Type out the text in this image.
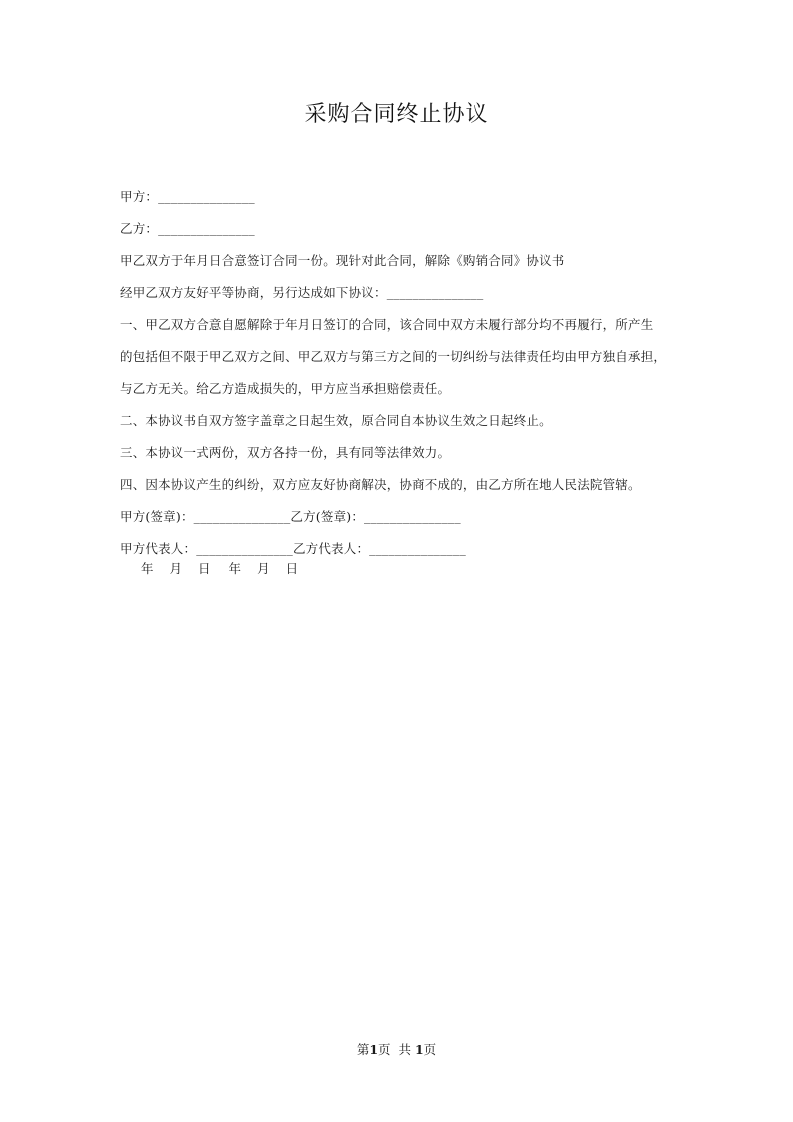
采购合同终止协议
甲方：_______________
乙方：_______________
甲乙双方于年月日合意签订合同一份。现针对此合同，解除《购销合同》协议书
经甲乙双方友好平等协商，另行达成如下协议：_______________
一、甲乙双方合意自愿解除于年月日签订的合同，该合同中双方未履行部分均不再履行，所产生
的包括但不限于甲乙双方之间、甲乙双方与第三方之间的一切纠纷与法律责任均由甲方独自承担，
与乙方无关。给乙方造成损失的，甲方应当承担赔偿责任。
二、本协议书自双方签字盖章之日起生效，原合同自本协议生效之日起终止。
三、本协议一式两份，双方各持一份，具有同等法律效力。
四、因本协议产生的纠纷，双方应友好协商解决，协商不成的，由乙方所在地人民法院管辖。
甲方(签章)：_______________乙方(签章)：_______________
甲方代表人：_______________乙方代表人：_______________
年 月 日 年 月 日
第1页  共 1页
